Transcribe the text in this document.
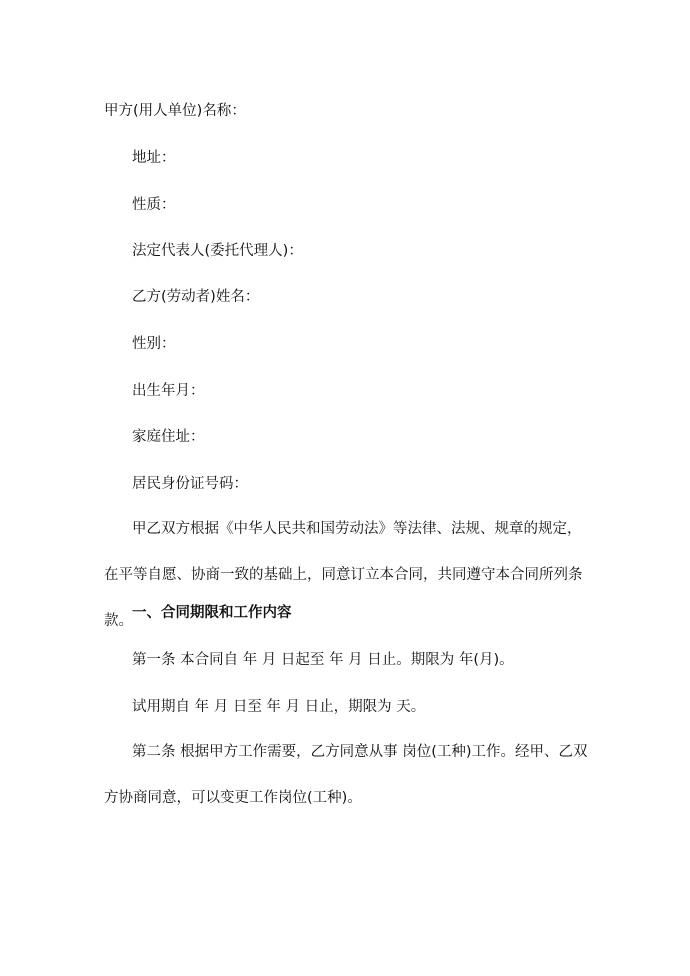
甲方(用人单位)名称：
地址：
性质：
法定代表人(委托代理人)：
乙方(劳动者)姓名：
性别：
出生年月：
家庭住址：
居民身份证号码：
甲乙双方根据《中华人民共和国劳动法》等法律、法规、规章的规定，在平等自愿、协商一致的基础上，同意订立本合同，共同遵守本合同所列条款。 一、合同期限和工作内容
第一条 本合同自 年 月 日起至 年 月 日止。期限为 年(月)。
试用期自 年 月 日至 年 月 日止，期限为 天。
第二条 根据甲方工作需要，乙方同意从事 岗位(工种)工作。经甲、乙双方协商同意，可以变更工作岗位(工种)。
